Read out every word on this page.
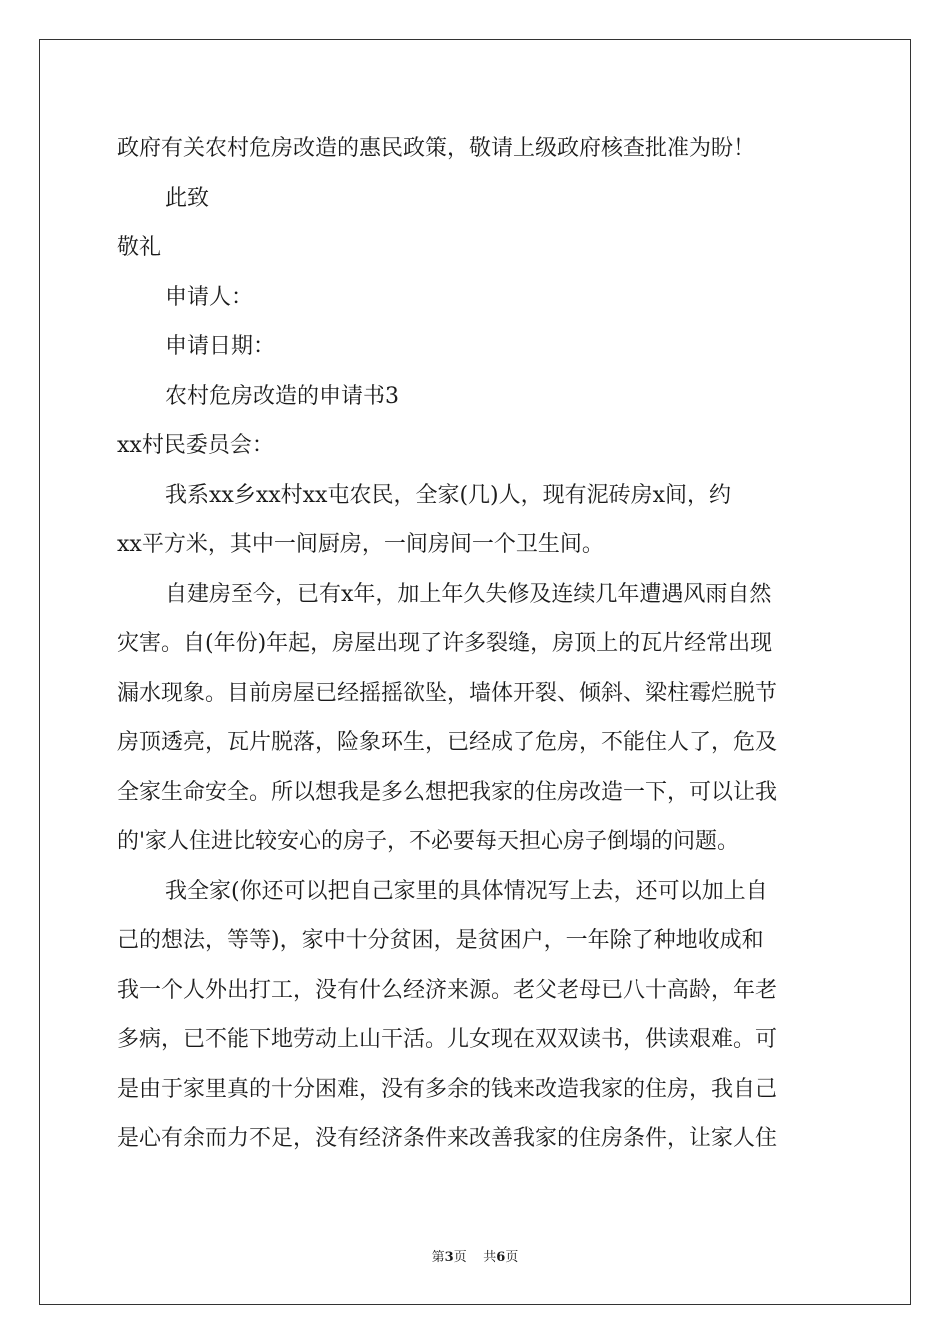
政府有关农村危房改造的惠民政策，敬请上级政府核查批准为盼！
此致
敬礼
申请人：
申请日期：
农村危房改造的申请书3
xx村民委员会：
我系xx乡xx村xx屯农民，全家(几)人，现有泥砖房x间，约
xx平方米，其中一间厨房，一间房间一个卫生间。
自建房至今，已有x年，加上年久失修及连续几年遭遇风雨自然
灾害。自(年份)年起，房屋出现了许多裂缝，房顶上的瓦片经常出现
漏水现象。目前房屋已经摇摇欲坠，墙体开裂、倾斜、梁柱霉烂脱节
房顶透亮，瓦片脱落，险象环生，已经成了危房，不能住人了，危及
全家生命安全。所以想我是多么想把我家的住房改造一下，可以让我
的'家人住进比较安心的房子，不必要每天担心房子倒塌的问题。
我全家(你还可以把自己家里的具体情况写上去，还可以加上自
己的想法，等等)，家中十分贫困，是贫困户，一年除了种地收成和
我一个人外出打工，没有什么经济来源。老父老母已八十高龄，年老
多病，已不能下地劳动上山干活。儿女现在双双读书，供读艰难。可
是由于家里真的十分困难，没有多余的钱来改造我家的住房，我自己
是心有余而力不足，没有经济条件来改善我家的住房条件，让家人住
第3页 共6页
